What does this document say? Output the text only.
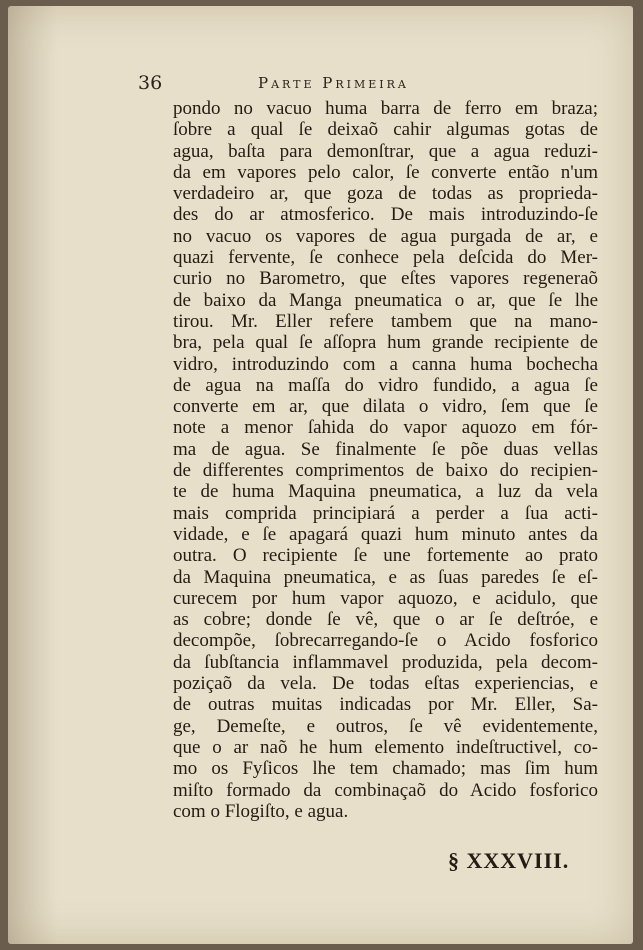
36	Parte Primeira
pondo no vacuo huma barra de ferro em braza;
ſobre a qual ſe deixaõ cahir algumas gotas de
agua, baſta para demonſtrar, que a agua reduzi-
da em vapores pelo calor, ſe converte então n'um
verdadeiro ar, que goza de todas as proprieda-
des do ar atmosferico. De mais introduzindo-ſe
no vacuo os vapores de agua purgada de ar, e
quazi fervente, ſe conhece pela deſcida do Mer-
curio no Barometro, que eſtes vapores regeneraõ
de baixo da Manga pneumatica o ar, que ſe lhe
tirou. Mr. Eller refere tambem que na mano-
bra, pela qual ſe aſſopra hum grande recipiente de
vidro, introduzindo com a canna huma bochecha
de agua na maſſa do vidro fundido, a agua ſe
converte em ar, que dilata o vidro, ſem que ſe
note a menor ſahida do vapor aquozo em fór-
ma de agua. Se finalmente ſe põe duas vellas
de differentes comprimentos de baixo do recipien-
te de huma Maquina pneumatica, a luz da vela
mais comprida principiará a perder a ſua acti-
vidade, e ſe apagará quazi hum minuto antes da
outra. O recipiente ſe une fortemente ao prato
da Maquina pneumatica, e as ſuas paredes ſe eſ-
curecem por hum vapor aquozo, e acidulo, que
as cobre; donde ſe vê, que o ar ſe deſtróe, e
decompõe, ſobrecarregando-ſe o Acido fosforico
da ſubſtancia inflammavel produzida, pela decom-
poziçaõ da vela. De todas eſtas experiencias, e
de outras muitas indicadas por Mr. Eller, Sa-
ge, Demeſte, e outros, ſe vê evidentemente,
que o ar naõ he hum elemento indeſtructivel, co-
mo os Fyſicos lhe tem chamado; mas ſim hum
miſto formado da combinaçaõ do Acido fosforico
com o Flogiſto, e agua.
§ XXXVIII.
